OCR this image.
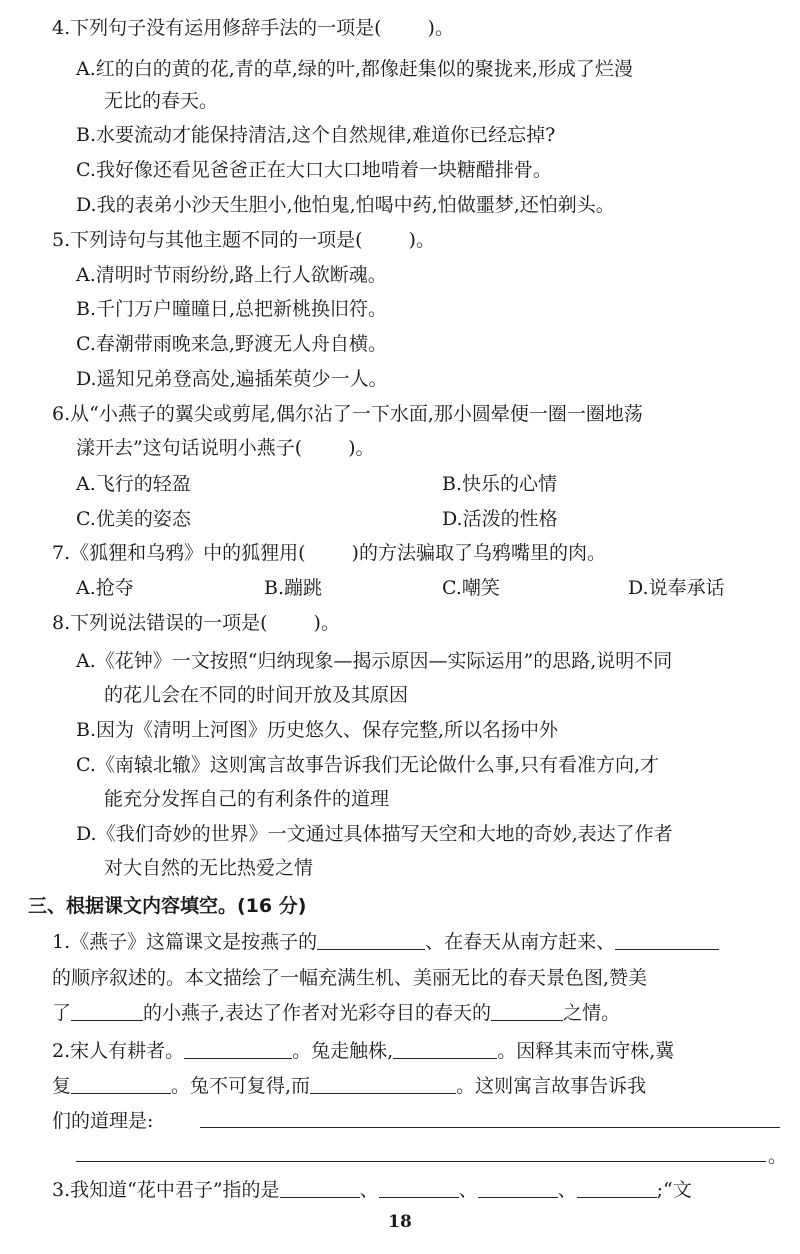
4.下列句子没有运用修辞手法的一项是( )。
A.红的白的黄的花,青的草,绿的叶,都像赶集似的聚拢来,形成了烂漫
无比的春天。
B.水要流动才能保持清洁,这个自然规律,难道你已经忘掉?
C.我好像还看见爸爸正在大口大口地啃着一块糖醋排骨。
D.我的表弟小沙天生胆小,他怕鬼,怕喝中药,怕做噩梦,还怕剃头。
5.下列诗句与其他主题不同的一项是( )。
A.清明时节雨纷纷,路上行人欲断魂。
B.千门万户曈曈日,总把新桃换旧符。
C.春潮带雨晚来急,野渡无人舟自横。
D.遥知兄弟登高处,遍插茱萸少一人。
6.从“小燕子的翼尖或剪尾,偶尔沾了一下水面,那小圆晕便一圈一圈地荡
漾开去”这句话说明小燕子( )。
A.飞行的轻盈	B.快乐的心情
C.优美的姿态	D.活泼的性格
7.《狐狸和乌鸦》中的狐狸用( )的方法骗取了乌鸦嘴里的肉。
A.抢夺	B.蹦跳	C.嘲笑	D.说奉承话
8.下列说法错误的一项是( )。
A.《花钟》一文按照“归纳现象—揭示原因—实际运用”的思路,说明不同
的花儿会在不同的时间开放及其原因
B.因为《清明上河图》历史悠久、保存完整,所以名扬中外
C.《南辕北辙》这则寓言故事告诉我们无论做什么事,只有看准方向,才
能充分发挥自己的有利条件的道理
D.《我们奇妙的世界》一文通过具体描写天空和大地的奇妙,表达了作者
对大自然的无比热爱之情
三、根据课文内容填空。(16 分)
1.《燕子》这篇课文是按燕子的	、在春天从南方赶来、
的顺序叙述的。本文描绘了一幅充满生机、美丽无比的春天景色图,赞美
了	的小燕子,表达了作者对光彩夺目的春天的	之情。
2.宋人有耕者。	。兔走触株,	。因释其耒而守株,冀
复	。兔不可复得,而	。这则寓言故事告诉我
们的道理是:
。
3.我知道“花中君子”指的是	、	、	、	;“文
18
